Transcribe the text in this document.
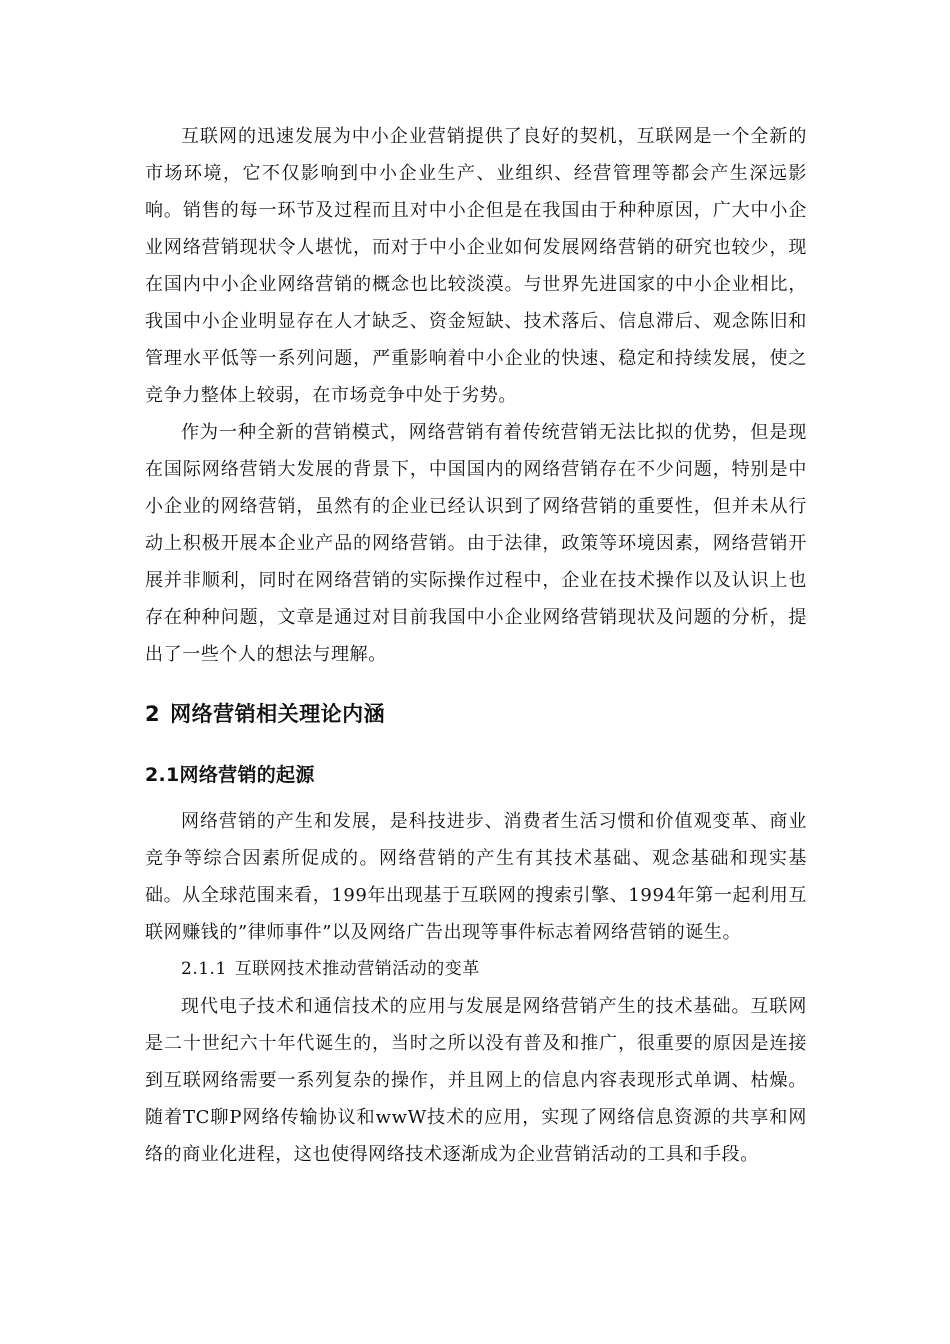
互联网的迅速发展为中小企业营销提供了良好的契机，互联网是一个全新的市场环境，它不仅影响到中小企业生产、业组织、经营管理等都会产生深远影响。销售的每一环节及过程而且对中小企但是在我国由于种种原因，广大中小企业网络营销现状令人堪忧，而对于中小企业如何发展网络营销的研究也较少，现在国内中小企业网络营销的概念也比较淡漠。与世界先进国家的中小企业相比，我国中小企业明显存在人才缺乏、资金短缺、技术落后、信息滞后、观念陈旧和管理水平低等一系列问题，严重影响着中小企业的快速、稳定和持续发展，使之竞争力整体上较弱，在市场竞争中处于劣势。

作为一种全新的营销模式，网络营销有着传统营销无法比拟的优势，但是现在国际网络营销大发展的背景下，中国国内的网络营销存在不少问题，特别是中小企业的网络营销，虽然有的企业已经认识到了网络营销的重要性，但并未从行动上积极开展本企业产品的网络营销。由于法律，政策等环境因素，网络营销开展并非顺利，同时在网络营销的实际操作过程中，企业在技术操作以及认识上也存在种种问题，文章是通过对目前我国中小企业网络营销现状及问题的分析，提出了一些个人的想法与理解。

2 网络营销相关理论内涵
2.1网络营销的起源

网络营销的产生和发展，是科技进步、消费者生活习惯和价值观变革、商业竞争等综合因素所促成的。网络营销的产生有其技术基础、观念基础和现实基础。从全球范围来看，199年出现基于互联网的搜索引擎、1994年第一起利用互联网赚钱的”律师事件”以及网络广告出现等事件标志着网络营销的诞生。

2.1.1 互联网技术推动营销活动的变革

现代电子技术和通信技术的应用与发展是网络营销产生的技术基础。互联网是二十世纪六十年代诞生的，当时之所以没有普及和推广，很重要的原因是连接到互联网络需要一系列复杂的操作，并且网上的信息内容表现形式单调、枯燥。随着TC聊P网络传输协议和wwW技术的应用，实现了网络信息资源的共享和网络的商业化进程，这也使得网络技术逐渐成为企业营销活动的工具和手段。
